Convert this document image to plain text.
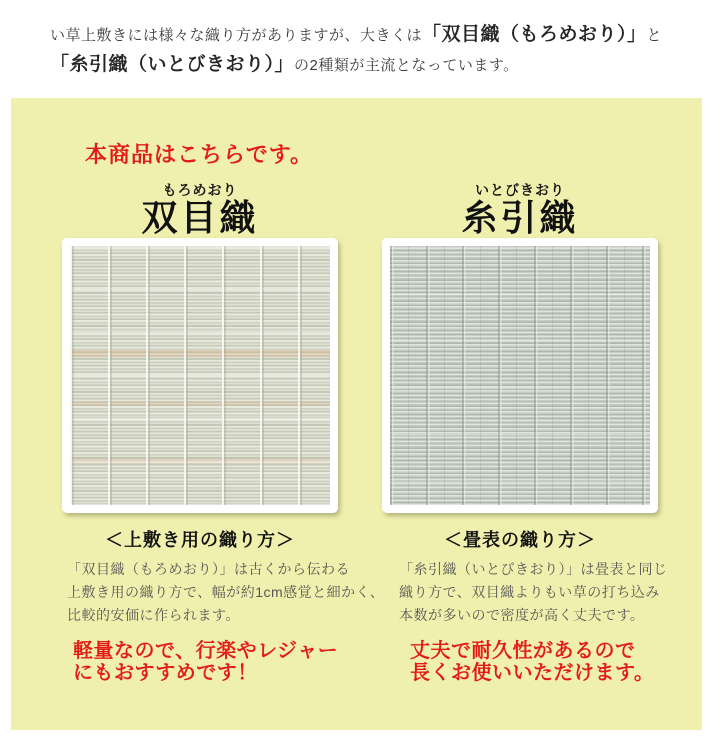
い草上敷きには様々な織り方がありますが、大きくは「双目織（もろめおり）」と
「糸引織（いとびきおり）」の2種類が主流となっています。

本商品はこちらです。
もろめおり
双目織
＜上敷き用の織り方＞

「双目織（もろめおり）」は古くから伝わる
上敷き用の織り方で、幅が約1cm感覚と細かく、
比較的安価に作られます。

軽量なので、行楽やレジャー
にもおすすめです！

いとびきおり
糸引織
＜畳表の織り方＞

「糸引織（いとびきおり）」は畳表と同じ
織り方で、双目織よりもい草の打ち込み
本数が多いので密度が高く丈夫です。

丈夫で耐久性があるので
長くお使いいただけます。
